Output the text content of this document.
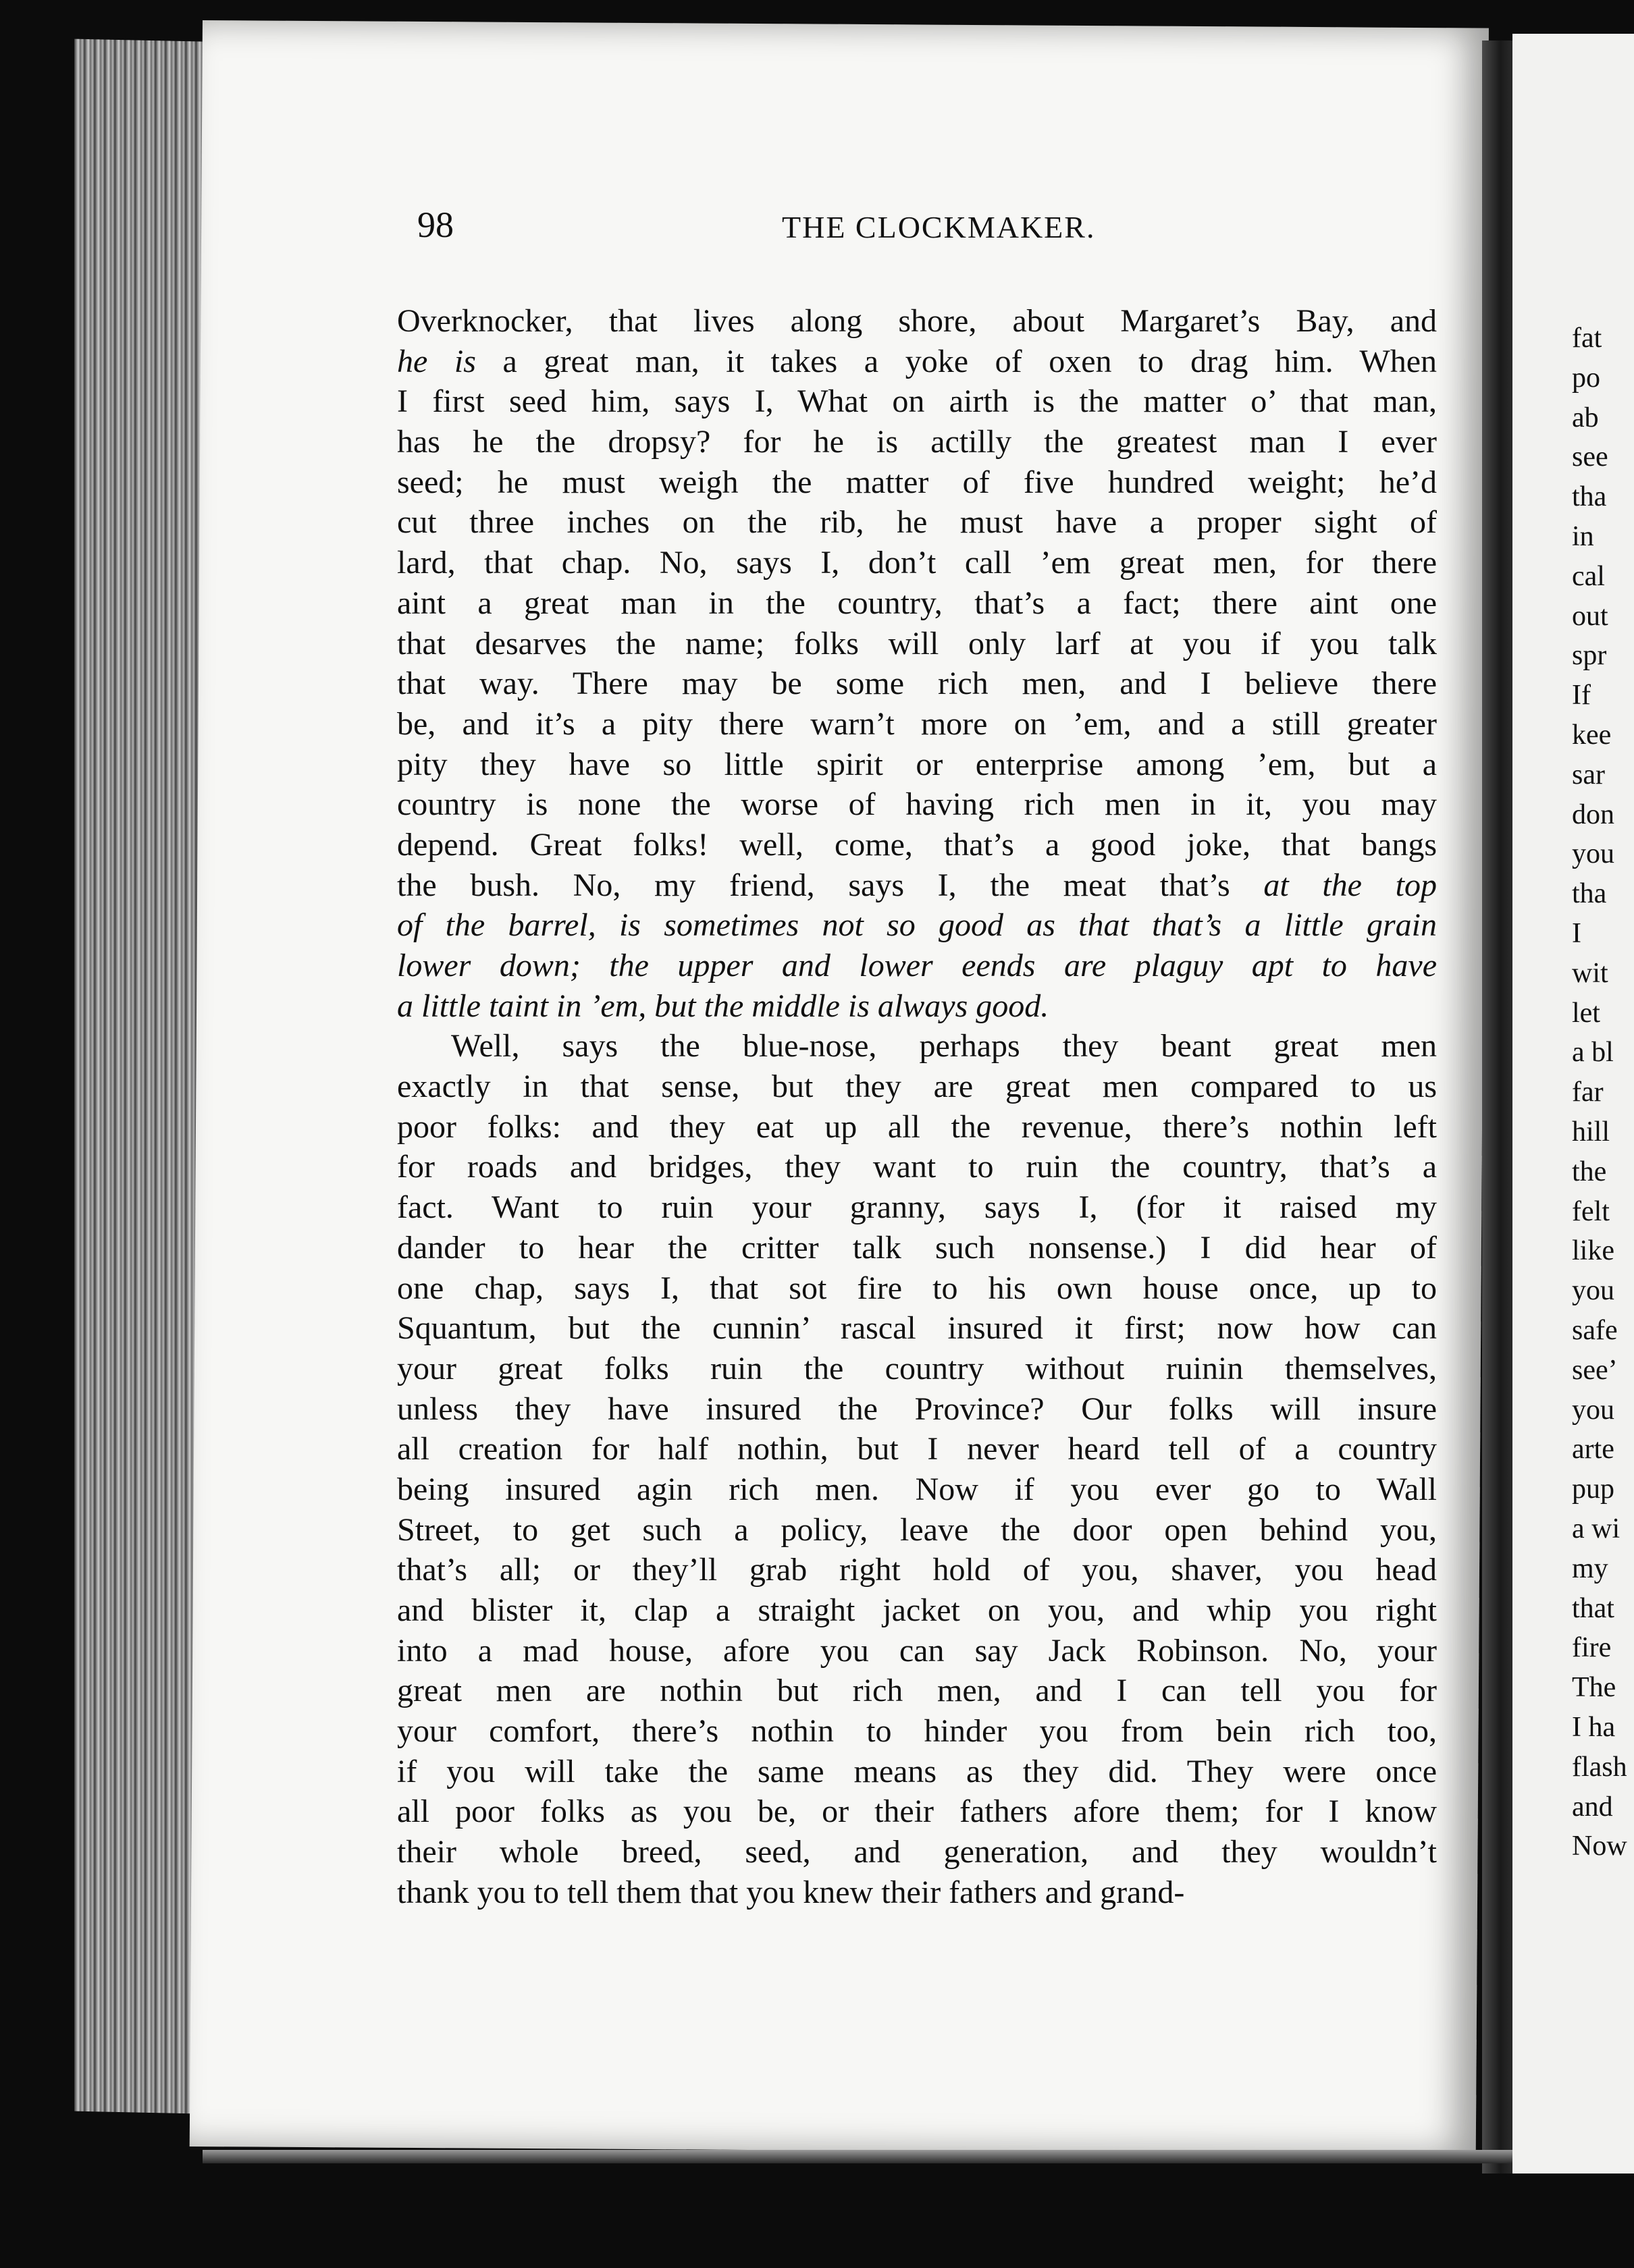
98	THE CLOCKMAKER.
Overknocker, that lives along shore, about Margaret’s Bay, and
he is a great man, it takes a yoke of oxen to drag him. When
I first seed him, says I, What on airth is the matter o’ that man,
has he the dropsy? for he is actilly the greatest man I ever
seed; he must weigh the matter of five hundred weight; he’d
cut three inches on the rib, he must have a proper sight of
lard, that chap. No, says I, don’t call ’em great men, for there
aint a great man in the country, that’s a fact; there aint one
that desarves the name; folks will only larf at you if you talk
that way. There may be some rich men, and I believe there
be, and it’s a pity there warn’t more on ’em, and a still greater
pity they have so little spirit or enterprise among ’em, but a
country is none the worse of having rich men in it, you may
depend. Great folks! well, come, that’s a good joke, that bangs
the bush. No, my friend, says I, the meat that’s at the top
of the barrel, is sometimes not so good as that that’s a little grain
lower down; the upper and lower eends are plaguy apt to have
a little taint in ’em, but the middle is always good.
Well, says the blue-nose, perhaps they beant great men
exactly in that sense, but they are great men compared to us
poor folks: and they eat up all the revenue, there’s nothin left
for roads and bridges, they want to ruin the country, that’s a
fact. Want to ruin your granny, says I, (for it raised my
dander to hear the critter talk such nonsense.) I did hear of
one chap, says I, that sot fire to his own house once, up to
Squantum, but the cunnin’ rascal insured it first; now how can
your great folks ruin the country without ruinin themselves,
unless they have insured the Province? Our folks will insure
all creation for half nothin, but I never heard tell of a country
being insured agin rich men. Now if you ever go to Wall
Street, to get such a policy, leave the door open behind you,
that’s all; or they’ll grab right hold of you, shaver, you head
and blister it, clap a straight jacket on you, and whip you right
into a mad house, afore you can say Jack Robinson. No, your
great men are nothin but rich men, and I can tell you for
your comfort, there’s nothin to hinder you from bein rich too,
if you will take the same means as they did. They were once
all poor folks as you be, or their fathers afore them; for I know
their whole breed, seed, and generation, and they wouldn’t
thank you to tell them that you knew their fathers and grand-
fat
po
ab
see
tha
in
cal
out
spr
If
kee
sar
don
you
tha
I
wit
let
a bl
far
hill
the
felt
like
you
safe
see’
you
arte
pup
a wi
my
that
fire
The
I ha
flash
and
Now
